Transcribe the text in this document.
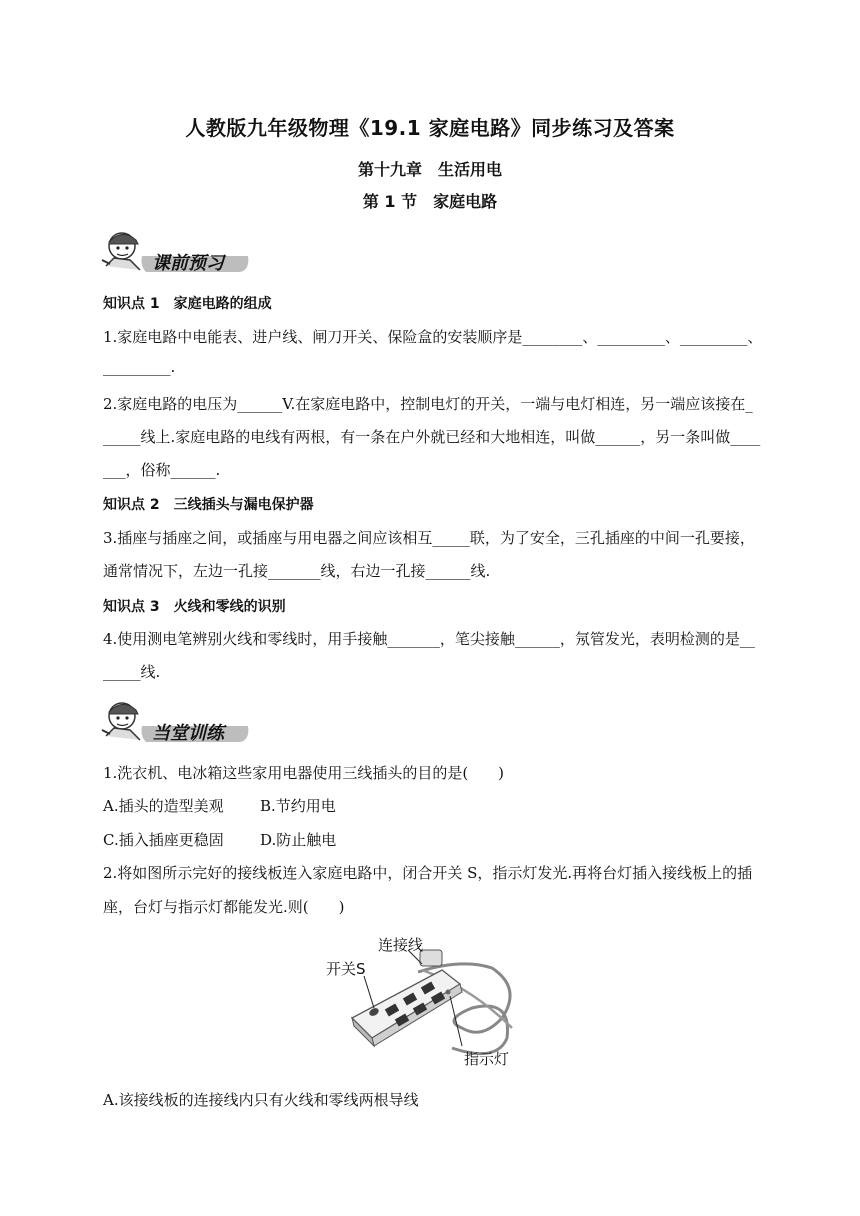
人教版九年级物理《19.1 家庭电路》同步练习及答案
第十九章　生活用电
第 1 节　家庭电路
课前预习
知识点 1　家庭电路的组成
1.家庭电路中电能表、进户线、闸刀开关、保险盒的安装顺序是________、_________、_________、
_________.
2.家庭电路的电压为______V.在家庭电路中，控制电灯的开关，一端与电灯相连，另一端应该接在_
_____线上.家庭电路的电线有两根，有一条在户外就已经和大地相连，叫做______，另一条叫做____
___，俗称______.
知识点 2　三线插头与漏电保护器
3.插座与插座之间，或插座与用电器之间应该相互_____联，为了安全，三孔插座的中间一孔要接，
通常情况下，左边一孔接_______线，右边一孔接______线.
知识点 3　火线和零线的识别
4.使用测电笔辨别火线和零线时，用手接触_______，笔尖接触______，氖管发光，表明检测的是__
_____线.
当堂训练
1.洗衣机、电冰箱这些家用电器使用三线插头的目的是(　　)
A.插头的造型美观	B.节约用电
C.插入插座更稳固	D.防止触电
2.将如图所示完好的接线板连入家庭电路中，闭合开关 S，指示灯发光.再将台灯插入接线板上的插
座，台灯与指示灯都能发光.则(　　)
连接线
开关S
指示灯
A.该接线板的连接线内只有火线和零线两根导线
